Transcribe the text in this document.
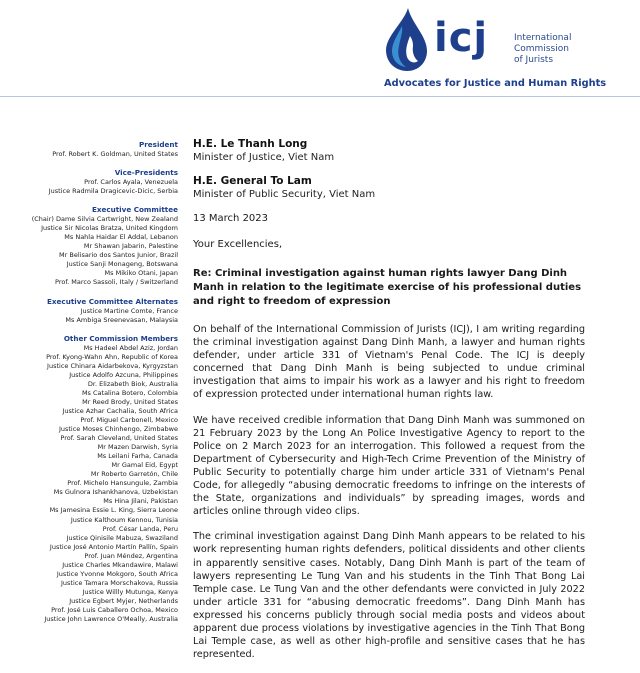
icj	International
Commission
of Jurists
Advocates for Justice and Human Rights
President
Prof. Robert K. Goldman, United States
Vice-Presidents
Prof. Carlos Ayala, Venezuela
Justice Radmila Dragicevic-Dicic, Serbia
Executive Committee
(Chair) Dame Silvia Cartwright, New Zealand
Justice Sir Nicolas Bratza, United Kingdom
Ms Nahla Haidar El Addal, Lebanon
Mr Shawan Jabarin, Palestine
Mr Belisario dos Santos Junior, Brazil
Justice Sanji Monageng, Botswana
Ms Mikiko Otani, Japan
Prof. Marco Sassoli, Italy / Switzerland
Executive Committee Alternates
Justice Martine Comte, France
Ms Ambiga Sreenevasan, Malaysia
Other Commission Members
Ms Hadeel Abdel Aziz, Jordan
Prof. Kyong-Wahn Ahn, Republic of Korea
Justice Chinara Aidarbekova, Kyrgyzstan
Justice Adolfo Azcuna, Philippines
Dr. Elizabeth Biok, Australia
Ms Catalina Botero, Colombia
Mr Reed Brody, United States
Justice Azhar Cachalia, South Africa
Prof. Miguel Carbonell, Mexico
Justice Moses Chinhengo, Zimbabwe
Prof. Sarah Cleveland, United States
Mr Mazen Darwish, Syria
Ms Leilani Farha, Canada
Mr Gamal Eid, Egypt
Mr Roberto Garretón, Chile
Prof. Michelo Hansungule, Zambia
Ms Gulnora Ishankhanova, Uzbekistan
Ms Hina Jilani, Pakistan
Ms Jamesina Essie L. King, Sierra Leone
Justice Kalthoum Kennou, Tunisia
Prof. César Landa, Peru
Justice Qinisile Mabuza, Swaziland
Justice José Antonio Martín Pallín, Spain
Prof. Juan Méndez, Argentina
Justice Charles Mkandawire, Malawi
Justice Yvonne Mokgoro, South Africa
Justice Tamara Morschakova, Russia
Justice Willly Mutunga, Kenya
Justice Egbert Myjer, Netherlands
Prof. José Luis Caballero Ochoa, Mexico
Justice John Lawrence O'Meally, Australia
H.E. Le Thanh Long
Minister of Justice, Viet Nam
H.E. General To Lam
Minister of Public Security, Viet Nam
13 March 2023
Your Excellencies,
Re: Criminal investigation against human rights lawyer Dang Dinh Manh in relation to the legitimate exercise of his professional duties and right to freedom of expression

On behalf of the International Commission of Jurists (ICJ), I am writing regarding the criminal investigation against Dang Dinh Manh, a lawyer and human rights defender, under article 331 of Vietnam's Penal Code. The ICJ is deeply concerned that Dang Dinh Manh is being subjected to undue criminal investigation that aims to impair his work as a lawyer and his right to freedom of expression protected under international human rights law.

We have received credible information that Dang Dinh Manh was summoned on 21 February 2023 by the Long An Police Investigative Agency to report to the Police on 2 March 2023 for an interrogation. This followed a request from the Department of Cybersecurity and High-Tech Crime Prevention of the Ministry of Public Security to potentially charge him under article 331 of Vietnam's Penal Code, for allegedly “abusing democratic freedoms to infringe on the interests of the State, organizations and individuals” by spreading images, words and articles online through video clips.

The criminal investigation against Dang Dinh Manh appears to be related to his work representing human rights defenders, political dissidents and other clients in apparently sensitive cases. Notably, Dang Dinh Manh is part of the team of lawyers representing Le Tung Van and his students in the Tinh That Bong Lai Temple case. Le Tung Van and the other defendants were convicted in July 2022 under article 331 for “abusing democratic freedoms”. Dang Dinh Manh has expressed his concerns publicly through social media posts and videos about apparent due process violations by investigative agencies in the Tinh That Bong Lai Temple case, as well as other high-profile and sensitive cases that he has represented.
